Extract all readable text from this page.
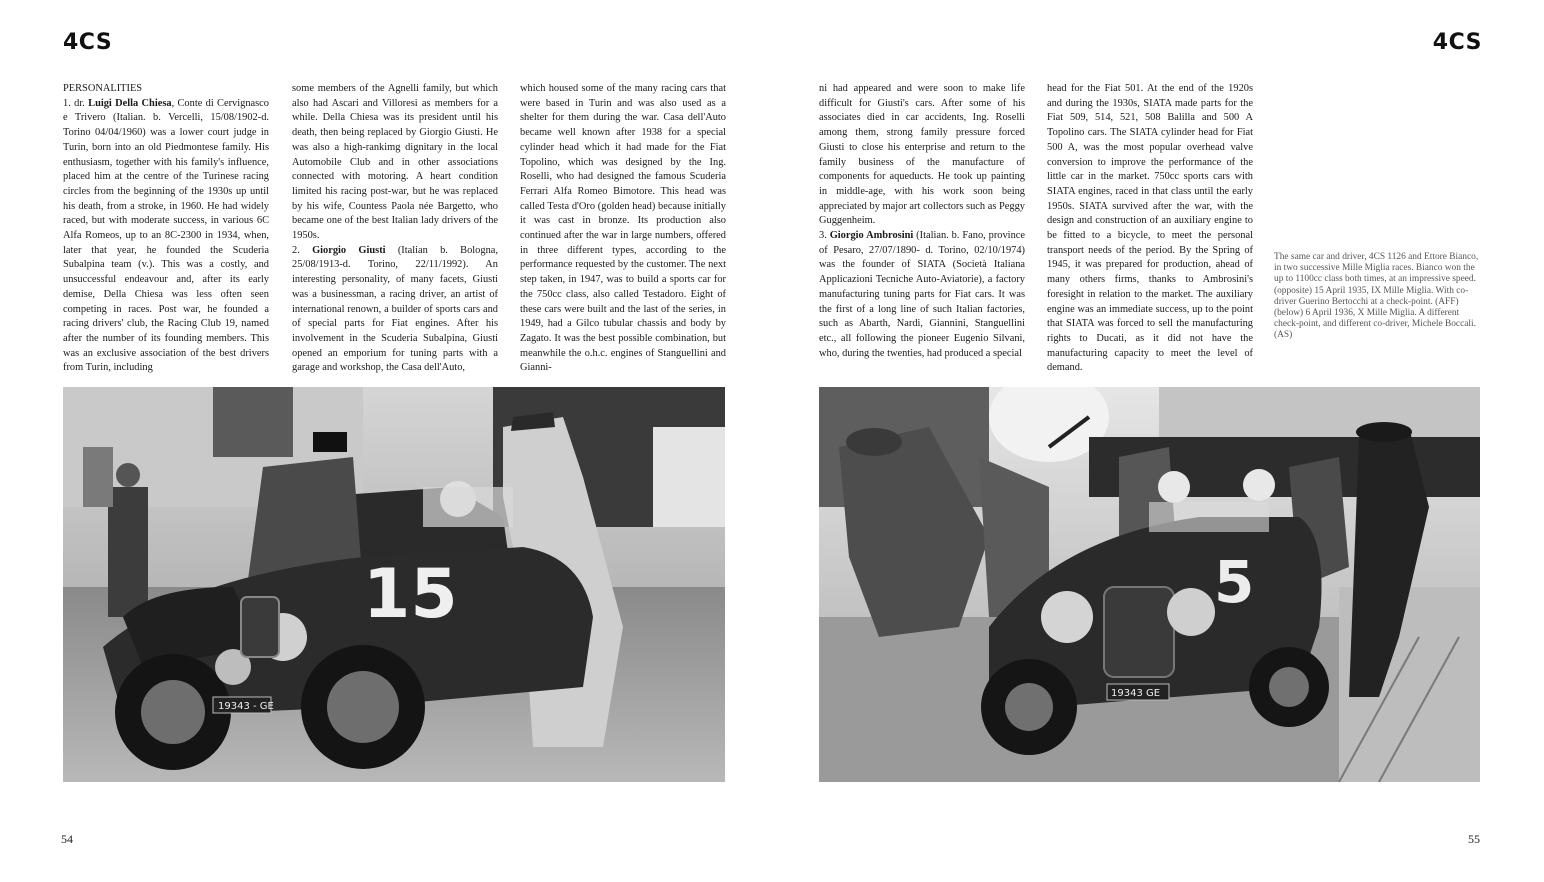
4CS

PERSONALITIES

1. dr. Luigi Della Chiesa, Conte di Cervignasco e Trivero (Italian. b. Vercelli, 15/08/1902-d. Torino 04/04/1960) was a lower court judge in Turin, born into an old Piedmontese family. His enthusiasm, together with his family's influence, placed him at the centre of the Turinese racing circles from the beginning of the 1930s up until his death, from a stroke, in 1960. He had widely raced, but with moderate success, in various 6C Alfa Romeos, up to an 8C-2300 in 1934, when, later that year, he founded the Scuderia Subalpina team (v.). This was a costly, and unsuccessful endeavour and, after its early demise, Della Chiesa was less often seen competing in races. Post war, he founded a racing drivers' club, the Racing Club 19, named after the number of its founding members. This was an exclusive association of the best drivers from Turin, including

some members of the Agnelli family, but which also had Ascari and Villoresi as members for a while. Della Chiesa was its president until his death, then being replaced by Giorgio Giusti. He was also a high-rankimg dignitary in the local Automobile Club and in other associations connected with motoring. A heart condition limited his racing post-war, but he was replaced by his wife, Countess Paola née Bargetto, who became one of the best Italian lady drivers of the 1950s.

2. Giorgio Giusti (Italian b. Bologna, 25/08/1913-d. Torino, 22/11/1992). An interesting personality, of many facets, Giusti was a businessman, a racing driver, an artist of international renown, a builder of sports cars and of special parts for Fiat engines. After his involvement in the Scuderia Subalpina, Giusti opened an emporium for tuning parts with a garage and workshop, the Casa dell'Auto,

which housed some of the many racing cars that were based in Turin and was also used as a shelter for them during the war. Casa dell'Auto became well known after 1938 for a special cylinder head which it had made for the Fiat Topolino, which was designed by the Ing. Roselli, who had designed the famous Scuderia Ferrari Alfa Romeo Bimotore. This head was called Testa d'Oro (golden head) because initially it was cast in bronze. Its production also continued after the war in large numbers, offered in three different types, according to the performance requested by the customer. The next step taken, in 1947, was to build a sports car for the 750cc class, also called Testadoro. Eight of these cars were built and the last of the series, in 1949, had a Gilco tubular chassis and body by Zagato. It was the best possible combination, but meanwhile the o.h.c. engines of Stanguellini and Gianni-

15
19343 - GE
54
4CS

ni had appeared and were soon to make life difficult for Giusti's cars. After some of his associates died in car accidents, Ing. Roselli among them, strong family pressure forced Giusti to close his enterprise and return to the family business of the manufacture of components for aqueducts. He took up painting in middle-age, with his work soon being appreciated by major art collectors such as Peggy Guggenheim.

3. Giorgio Ambrosini (Italian. b. Fano, province of Pesaro, 27/07/1890- d. Torino, 02/10/1974) was the founder of SIATA (Società Italiana Applicazioni Tecniche Auto-Aviatorie), a factory manufacturing tuning parts for Fiat cars. It was the first of a long line of such Italian factories, such as Abarth, Nardi, Giannini, Stanguellini etc., all following the pioneer Eugenio Silvani, who, during the twenties, had produced a special

head for the Fiat 501. At the end of the 1920s and during the 1930s, SIATA made parts for the Fiat 509, 514, 521, 508 Balilla and 500 A Topolino cars. The SIATA cylinder head for Fiat 500 A, was the most popular overhead valve conversion to improve the performance of the little car in the market. 750cc sports cars with SIATA engines, raced in that class until the early 1950s. SIATA survived after the war, with the design and construction of an auxiliary engine to be fitted to a bicycle, to meet the personal transport needs of the period. By the Spring of 1945, it was prepared for production, ahead of many others firms, thanks to Ambrosini's foresight in relation to the market. The auxiliary engine was an immediate success, up to the point that SIATA was forced to sell the manufacturing rights to Ducati, as it did not have the manufacturing capacity to meet the level of demand.

The same car and driver, 4CS 1126 and Ettore Bianco, in two successive Mille Miglia races. Bianco won the up to 1100cc class both times, at an impressive speed.

(opposite) 15 April 1935, IX Mille Miglia. With co-driver Guerino Bertocchi at a check-point. (AFF)

(below) 6 April 1936, X Mille Miglia. A different check-point, and different co-driver, Michele Boccali. (AS)

5
19343 GE
55
